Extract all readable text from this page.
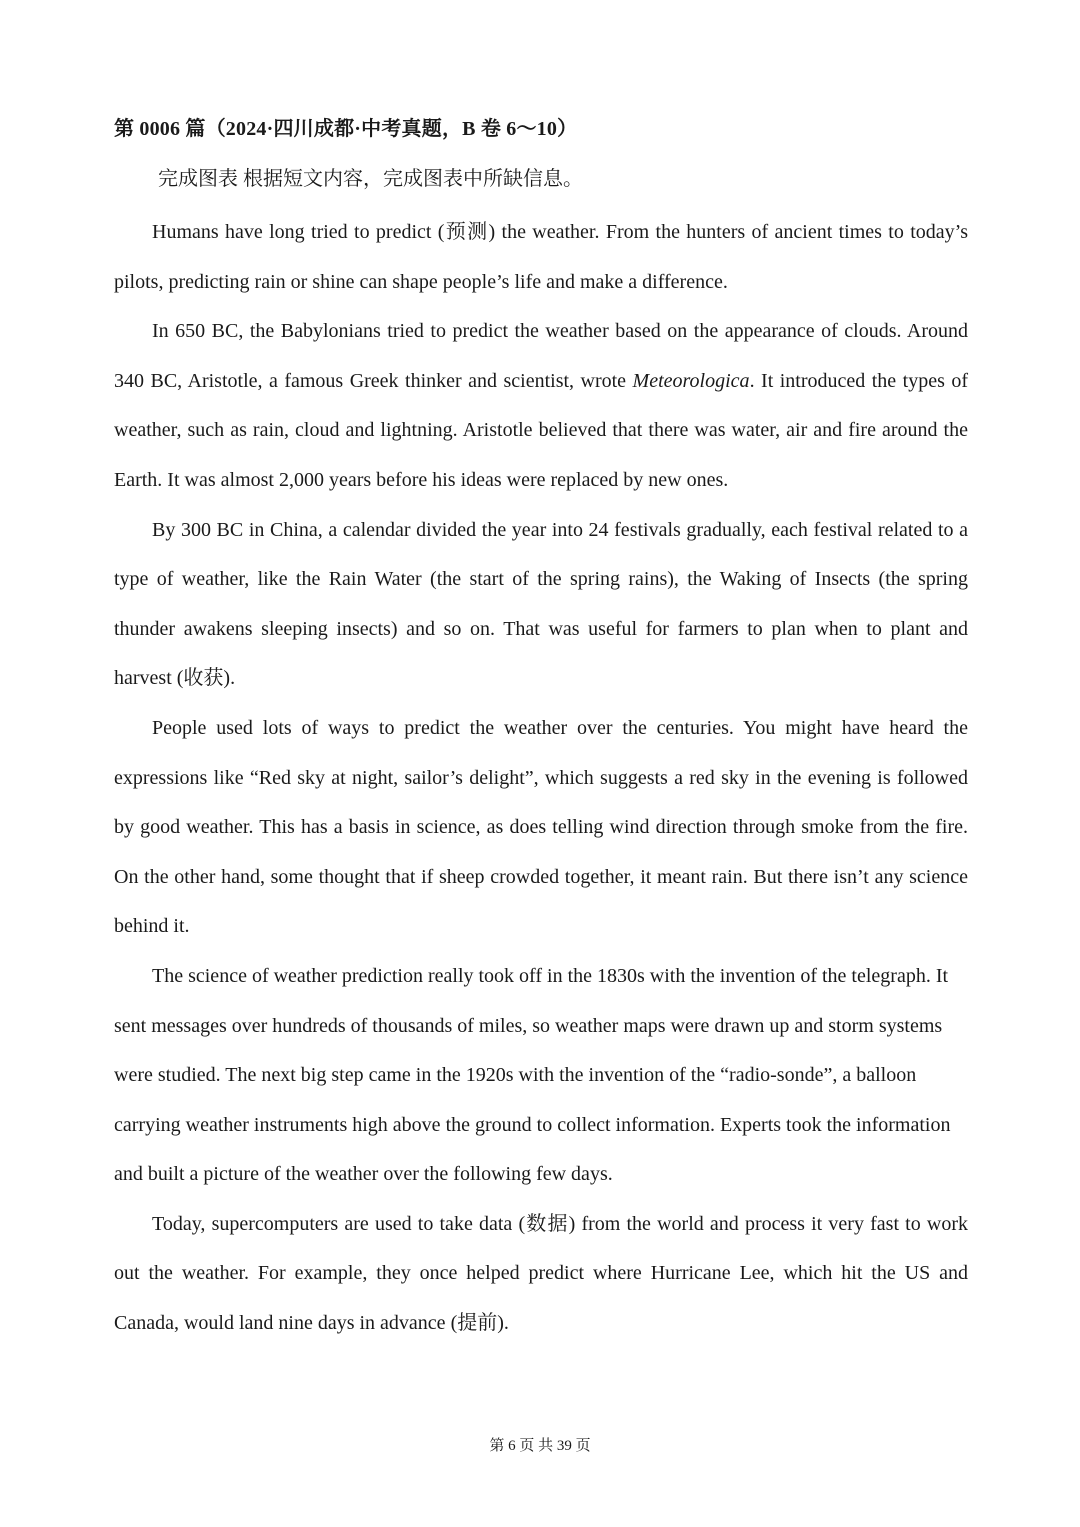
第 0006 篇（2024·四川成都·中考真题，B 卷 6～10）
完成图表 根据短文内容，完成图表中所缺信息。

Humans have long tried to predict (预测) the weather. From the hunters of ancient times to today’s pilots, predicting rain or shine can shape people’s life and make a difference.

In 650 BC, the Babylonians tried to predict the weather based on the appearance of clouds. Around 340 BC, Aristotle, a famous Greek thinker and scientist, wrote Meteorologica. It introduced the types of weather, such as rain, cloud and lightning. Aristotle believed that there was water, air and fire around the Earth. It was almost 2,000 years before his ideas were replaced by new ones.

By 300 BC in China, a calendar divided the year into 24 festivals gradually, each festival related to a type of weather, like the Rain Water (the start of the spring rains), the Waking of Insects (the spring thunder awakens sleeping insects) and so on. That was useful for farmers to plan when to plant and harvest (收获).

People used lots of ways to predict the weather over the centuries. You might have heard the expressions like “Red sky at night, sailor’s delight”, which suggests a red sky in the evening is followed by good weather. This has a basis in science, as does telling wind direction through smoke from the fire. On the other hand, some thought that if sheep crowded together, it meant rain. But there isn’t any science behind it.

The science of weather prediction really took off in the 1830s with the invention of the telegraph. It sent messages over hundreds of thousands of miles, so weather maps were drawn up and storm systems were studied. The next big step came in the 1920s with the invention of the “radio-sonde”, a balloon carrying weather instruments high above the ground to collect information. Experts took the information and built a picture of the weather over the following few days.

Today, supercomputers are used to take data (数据) from the world and process it very fast to work out the weather. For example, they once helped predict where Hurricane Lee, which hit the US and Canada, would land nine days in advance (提前).

第 6 页 共 39 页
